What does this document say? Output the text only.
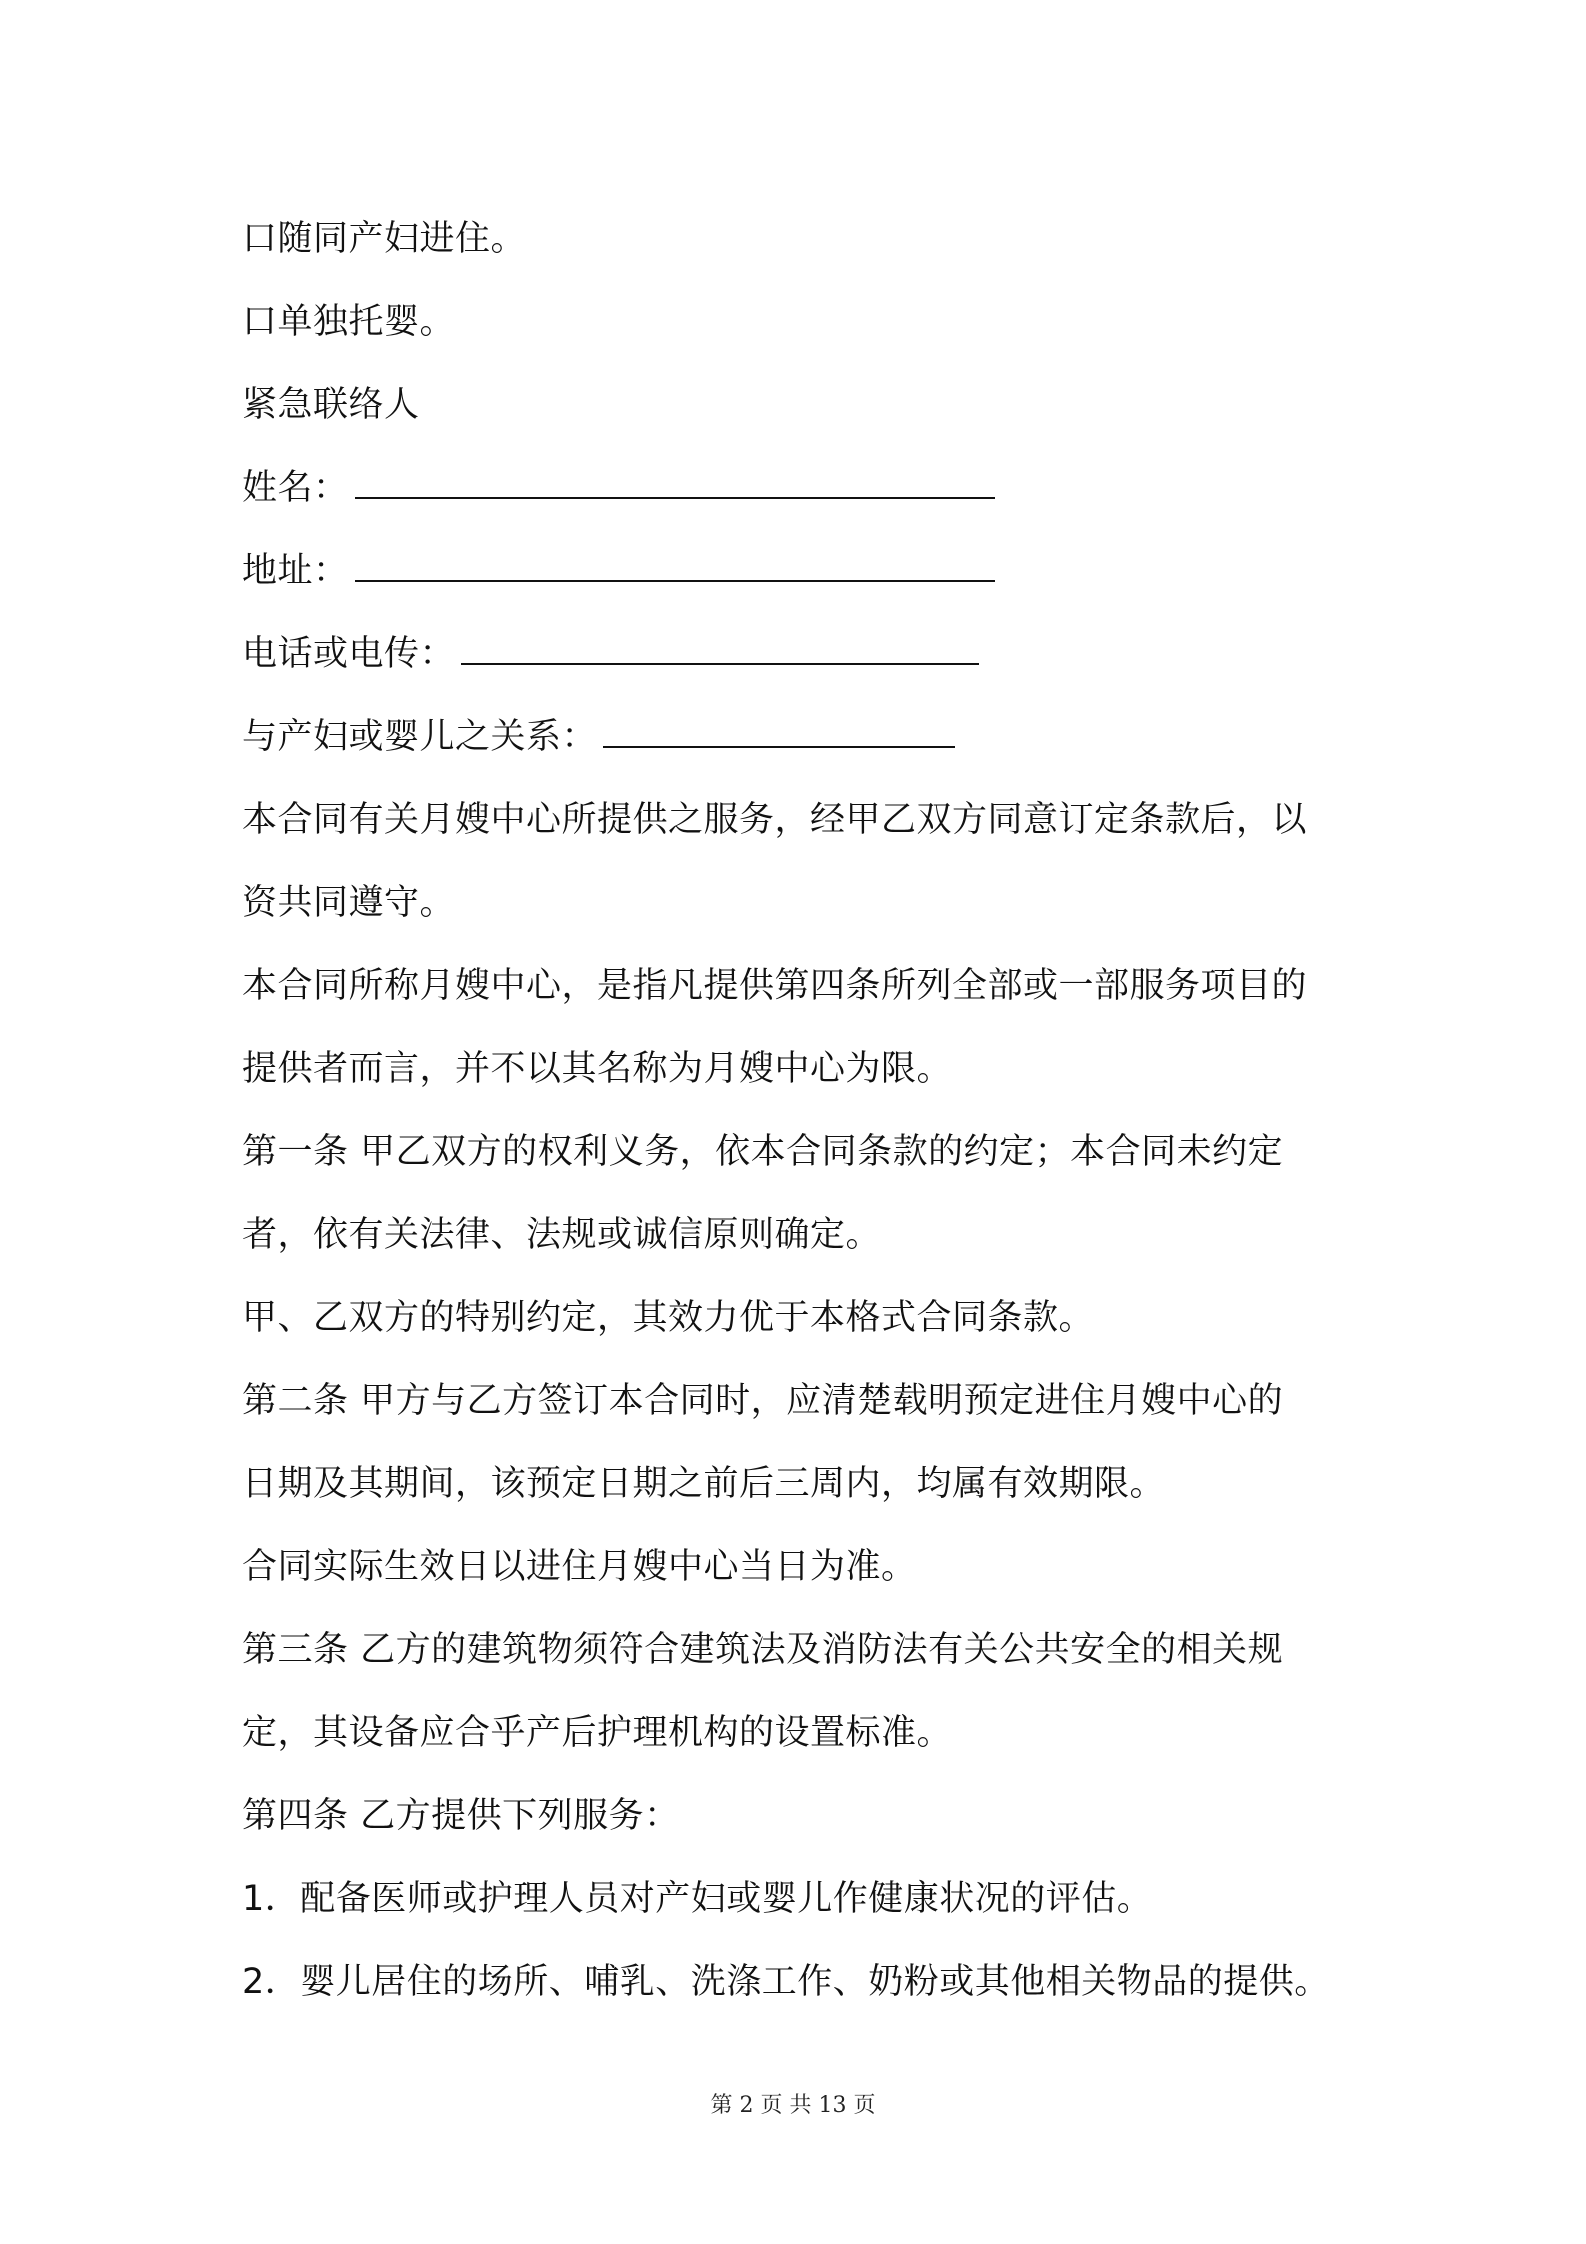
口随同产妇进住。
口单独托婴。
紧急联络人
姓名：
地址：
电话或电传：
与产妇或婴儿之关系：
本合同有关月嫂中心所提供之服务，经甲乙双方同意订定条款后，以
资共同遵守。
本合同所称月嫂中心，是指凡提供第四条所列全部或一部服务项目的
提供者而言，并不以其名称为月嫂中心为限。
第一条 甲乙双方的权利义务，依本合同条款的约定；本合同未约定
者，依有关法律、法规或诚信原则确定。
甲、乙双方的特别约定，其效力优于本格式合同条款。
第二条 甲方与乙方签订本合同时，应清楚载明预定进住月嫂中心的
日期及其期间，该预定日期之前后三周内，均属有效期限。
合同实际生效日以进住月嫂中心当日为准。
第三条 乙方的建筑物须符合建筑法及消防法有关公共安全的相关规
定，其设备应合乎产后护理机构的设置标准。
第四条 乙方提供下列服务：
1．配备医师或护理人员对产妇或婴儿作健康状况的评估。
2．婴儿居住的场所、哺乳、洗涤工作、奶粉或其他相关物品的提供。
第 2 页 共 13 页
